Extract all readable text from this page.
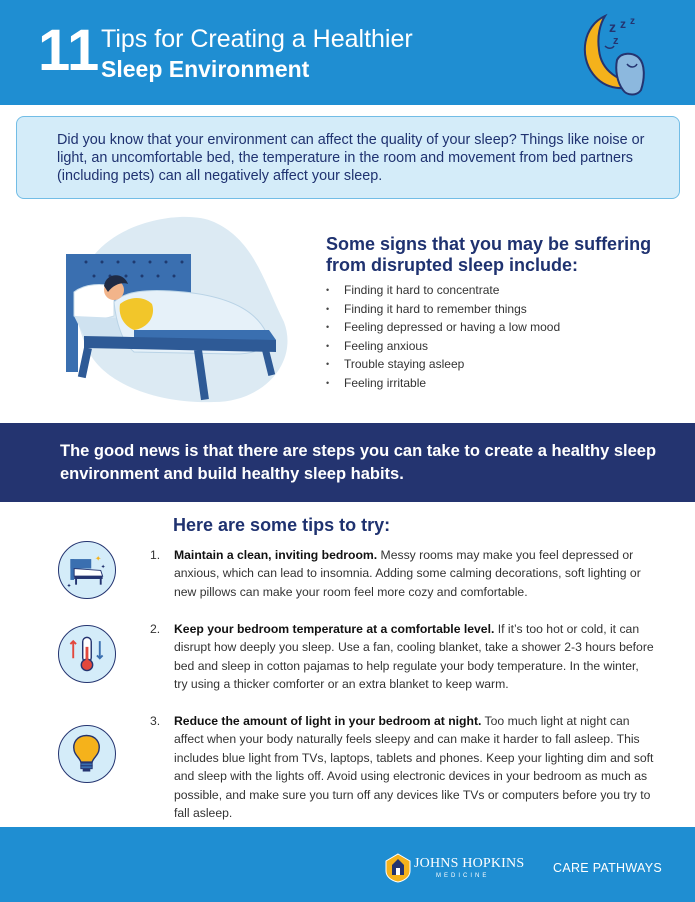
11 Tips for Creating a Healthier
Sleep Environment
z z z
z

Did you know that your environment can affect the quality of your sleep? Things like noise or light, an uncomfortable bed, the temperature in the room and movement from bed partners (including pets) can all negatively affect your sleep.

Some signs that you may be suffering from disrupted sleep include:
•	Finding it hard to concentrate
•	Finding it hard to remember things
•	Feeling depressed or having a low mood
•	Feeling anxious
•	Trouble staying asleep
•	Feeling irritable

The good news is that there are steps you can take to create a healthy sleep environment and build healthy sleep habits.

Here are some tips to try:
✦
✦
✦
1.	Maintain a clean, inviting bedroom. Messy rooms may make you feel depressed or anxious, which can lead to insomnia. Adding some calming decorations, soft lighting or new pillows can make your room feel more cozy and comfortable.
2.	Keep your bedroom temperature at a comfortable level. If it’s too hot or cold, it can disrupt how deeply you sleep. Use a fan, cooling blanket, take a shower 2-3 hours before bed and sleep in cotton pajamas to help regulate your body temperature. In the winter, try using a thicker comforter or an extra blanket to keep warm.
3.	Reduce the amount of light in your bedroom at night. Too much light at night can affect when your body naturally feels sleepy and can make it harder to fall asleep. This includes blue light from TVs, laptops, tablets and phones. Keep your lighting dim and soft and sleep with the lights off. Avoid using electronic devices in your bedroom as much as possible, and make sure you turn off any devices like TVs or computers before you try to fall asleep.
JOHNS HOPKINS
MEDICINE
CARE PATHWAYS
